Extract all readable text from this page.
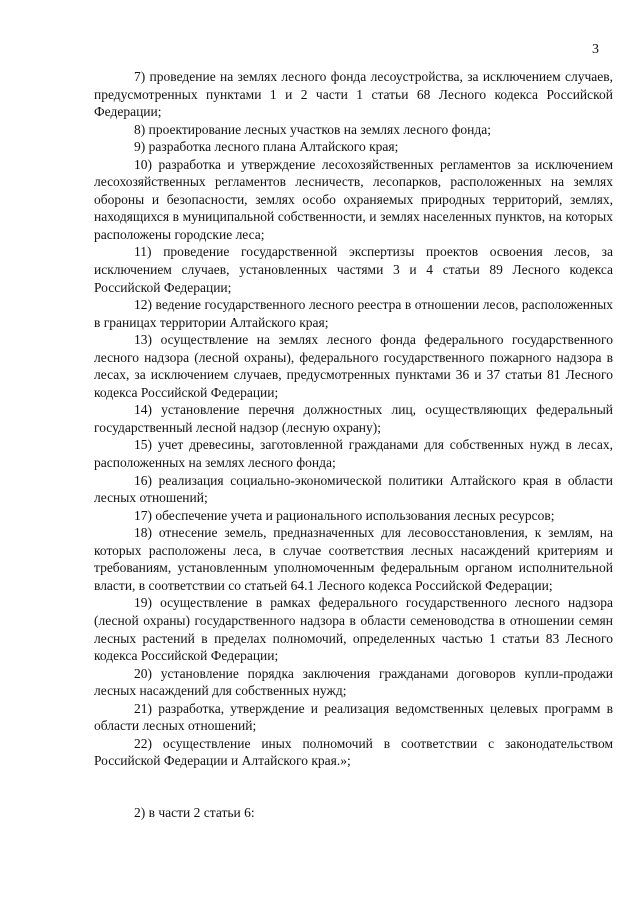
3

7) проведение на землях лесного фонда лесоустройства, за исключением случаев, предусмотренных пунктами 1 и 2 части 1 статьи 68 Лесного кодекса Российской Федерации;

8) проектирование лесных участков на землях лесного фонда;

9) разработка лесного плана Алтайского края;

10) разработка и утверждение лесохозяйственных регламентов за исключением лесохозяйственных регламентов лесничеств, лесопарков, расположенных на землях обороны и безопасности, землях особо охраняемых природных территорий, землях, находящихся в муниципальной собственности, и землях населенных пунктов, на которых расположены городские леса;

11) проведение государственной экспертизы проектов освоения лесов, за исключением случаев, установленных частями 3 и 4 статьи 89 Лесного кодекса Российской Федерации;

12) ведение государственного лесного реестра в отношении лесов, расположенных в границах территории Алтайского края;

13) осуществление на землях лесного фонда федерального государственного лесного надзора (лесной охраны), федерального государственного пожарного надзора в лесах, за исключением случаев, предусмотренных пунктами 36 и 37 статьи 81 Лесного кодекса Российской Федерации;

14) установление перечня должностных лиц, осуществляющих федеральный государственный лесной надзор (лесную охрану);

15) учет древесины, заготовленной гражданами для собственных нужд в лесах, расположенных на землях лесного фонда;

16) реализация социально-экономической политики Алтайского края в области лесных отношений;

17) обеспечение учета и рационального использования лесных ресурсов;

18) отнесение земель, предназначенных для лесовосстановления, к землям, на которых расположены леса, в случае соответствия лесных насаждений критериям и требованиям, установленным уполномоченным федеральным органом исполнительной власти, в соответствии со статьей 64.1 Лесного кодекса Российской Федерации;

19) осуществление в рамках федерального государственного лесного надзора (лесной охраны) государственного надзора в области семеноводства в отношении семян лесных растений в пределах полномочий, определенных частью 1 статьи 83 Лесного кодекса Российской Федерации;

20) установление порядка заключения гражданами договоров купли-продажи лесных насаждений для собственных нужд;

21) разработка, утверждение и реализация ведомственных целевых программ в области лесных отношений;

22) осуществление иных полномочий в соответствии с законодательством Российской Федерации и Алтайского края.»;

2) в части 2 статьи 6:
